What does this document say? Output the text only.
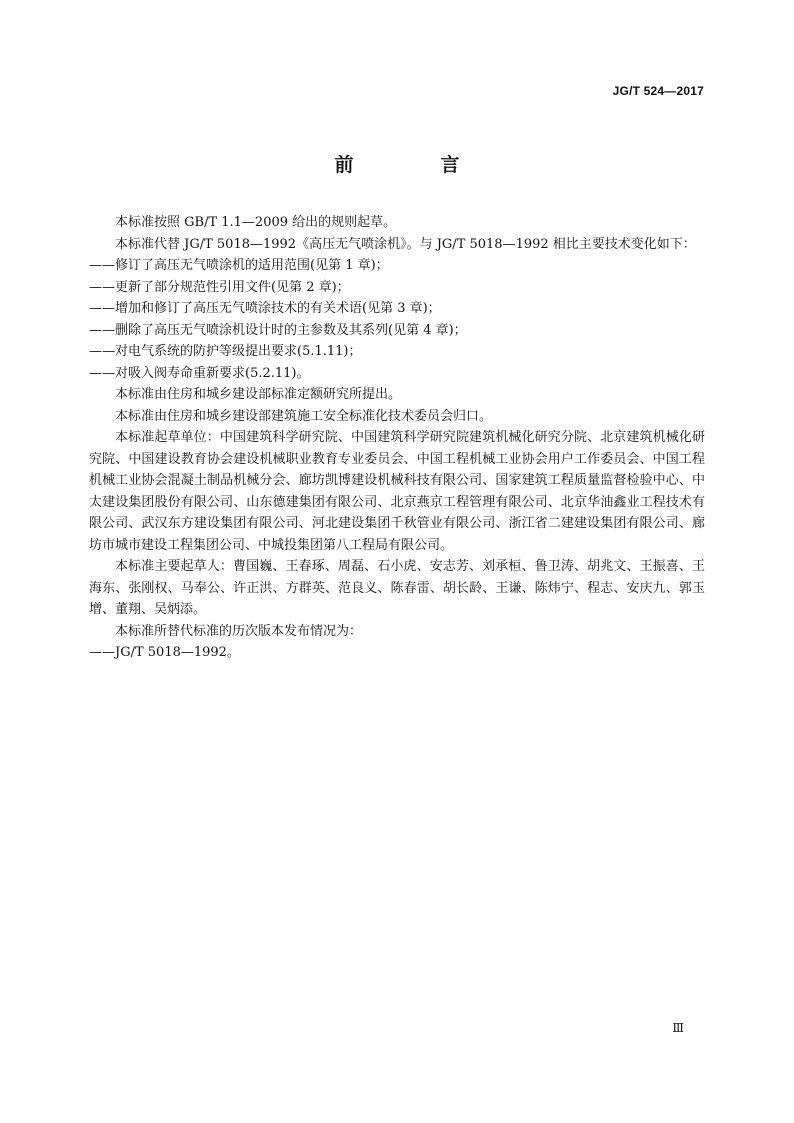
JG/T 524—2017

前　言

本标准按照 GB/T 1.1—2009 给出的规则起草。

本标准代替 JG/T 5018—1992《高压无气喷涂机》。与 JG/T 5018—1992 相比主要技术变化如下：

——修订了高压无气喷涂机的适用范围(见第 1 章)；

——更新了部分规范性引用文件(见第 2 章)；

——增加和修订了高压无气喷涂技术的有关术语(见第 3 章)；

——删除了高压无气喷涂机设计时的主参数及其系列(见第 4 章)；

——对电气系统的防护等级提出要求(5.1.11)；

——对吸入阀寿命重新要求(5.2.11)。

本标准由住房和城乡建设部标准定额研究所提出。

本标准由住房和城乡建设部建筑施工安全标准化技术委员会归口。

本标准起草单位：中国建筑科学研究院、中国建筑科学研究院建筑机械化研究分院、北京建筑机械化研究院、中国建设教育协会建设机械职业教育专业委员会、中国工程机械工业协会用户工作委员会、中国工程机械工业协会混凝土制品机械分会、廊坊凯博建设机械科技有限公司、国家建筑工程质量监督检验中心、中太建设集团股份有限公司、山东德建集团有限公司、北京燕京工程管理有限公司、北京华油鑫业工程技术有限公司、武汉东方建设集团有限公司、河北建设集团千秋管业有限公司、浙江省二建建设集团有限公司、廊坊市城市建设工程集团公司、中城投集团第八工程局有限公司。

本标准主要起草人：曹国巍、王春琢、周磊、石小虎、安志芳、刘承桓、鲁卫涛、胡兆文、王振喜、王海东、张刚权、马奉公、许正洪、方群英、范良义、陈春雷、胡长龄、王谦、陈炜宁、程志、安庆九、郭玉增、董翔、吴炳添。

本标准所替代标准的历次版本发布情况为：

——JG/T 5018—1992。

Ⅲ
